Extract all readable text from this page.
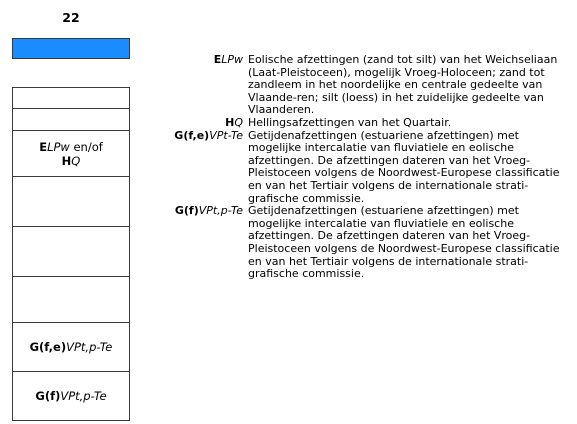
22
ELPw en/of
HQ
G(f,e)VPt,p-Te
G(f)VPt,p-Te
ELPw Eolische afzettingen (zand tot silt) van het Weichseliaan (Laat-Pleistoceen), mogelijk Vroeg-Holoceen; zand tot zandleem in het noordelijke en centrale gedeelte van Vlaande-ren; silt (loess) in het zuidelijke gedeelte van Vlaanderen.
HQ Hellingsafzettingen van het Quartair.
G(f,e)VPt-Te Getijdenafzettingen (estuariene afzettingen) met mogelijke intercalatie van fluviatiele en eolische afzettingen. De afzettingen dateren van het Vroeg-Pleistoceen volgens de Noordwest-Europese classificatie en van het Tertiair volgens de internationale strati-grafische commissie.
G(f)VPt,p-Te Getijdenafzettingen (estuariene afzettingen) met mogelijke intercalatie van fluviatiele en eolische afzettingen. De afzettingen dateren van het Vroeg-Pleistoceen volgens de Noordwest-Europese classificatie en van het Tertiair volgens de internationale strati-grafische commissie.
